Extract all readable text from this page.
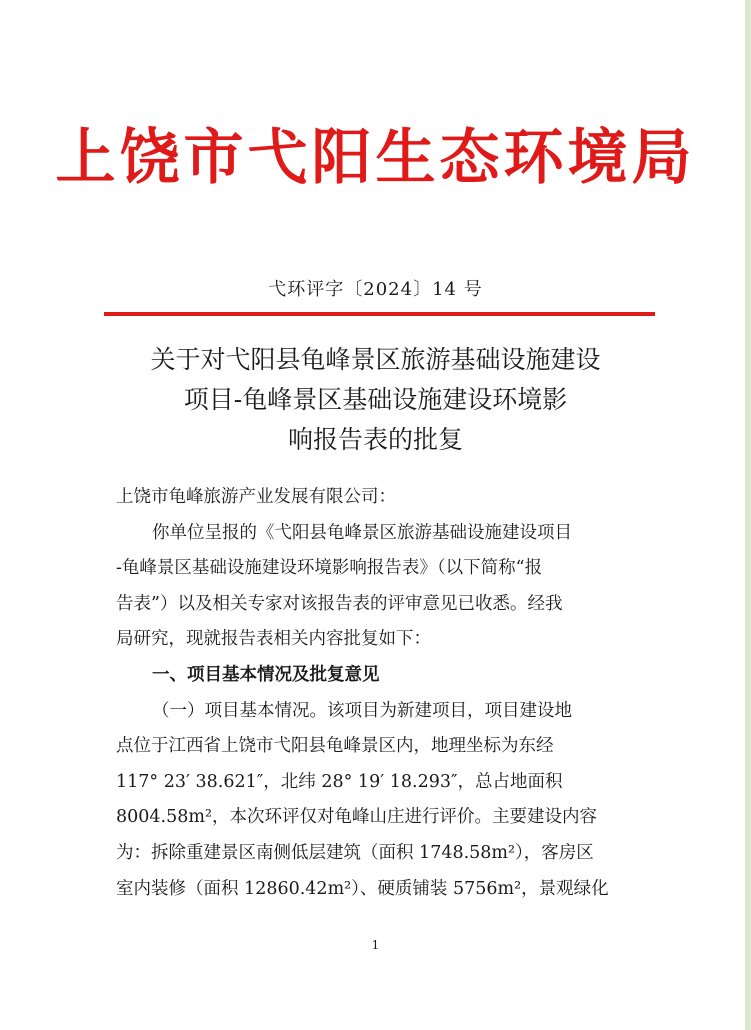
上饶市弋阳生态环境局
弋环评字〔2024〕14 号
关于对弋阳县龟峰景区旅游基础设施建设
项目-龟峰景区基础设施建设环境影
响报告表的批复
上饶市龟峰旅游产业发展有限公司：
你单位呈报的《弋阳县龟峰景区旅游基础设施建设项目
-龟峰景区基础设施建设环境影响报告表》（以下简称“报
告表”）以及相关专家对该报告表的评审意见已收悉。经我
局研究，现就报告表相关内容批复如下：
一、项目基本情况及批复意见
（一）项目基本情况。该项目为新建项目，项目建设地
点位于江西省上饶市弋阳县龟峰景区内，地理坐标为东经
117° 23′ 38.621″，北纬 28° 19′ 18.293″，总占地面积
8004.58m²，本次环评仅对龟峰山庄进行评价。主要建设内容
为：拆除重建景区南侧低层建筑（面积 1748.58m²），客房区
室内装修（面积 12860.42m²）、硬质铺装 5756m²，景观绿化
1
